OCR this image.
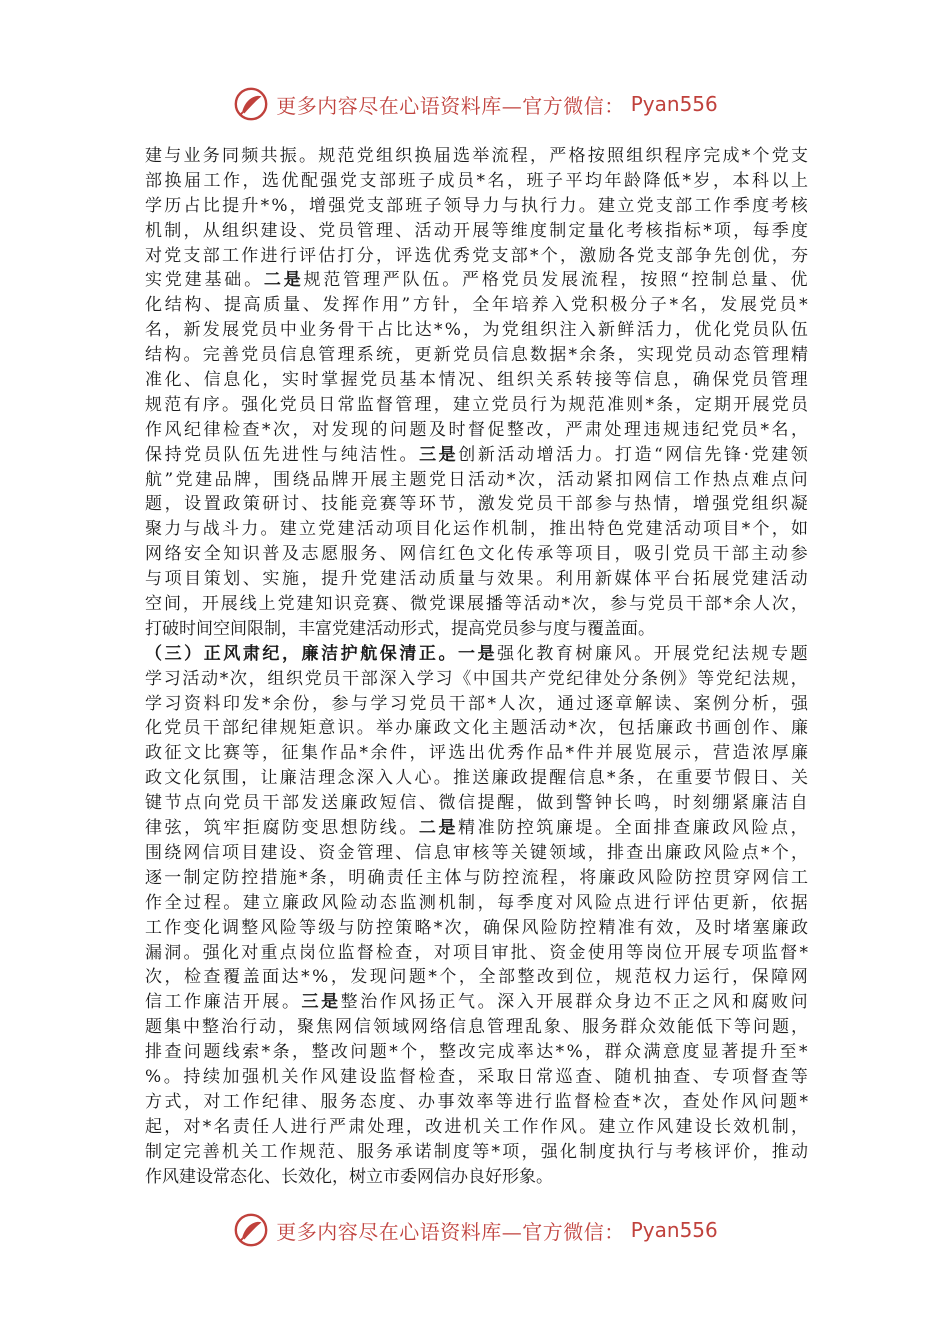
更多内容尽在心语资料库—官方微信： Pyan556
建 与 业 务 同 频 共 振 。 规 范 党 组 织 换 届 选 举 流 程 ， 严 格 按 照 组 织 程 序 完 成 * 个 党 支
部 换 届 工 作 ， 选 优 配 强 党 支 部 班 子 成 员 * 名 ， 班 子 平 均 年 龄 降 低 * 岁 ， 本 科 以 上
学 历 占 比 提 升 * % ， 增 强 党 支 部 班 子 领 导 力 与 执 行 力 。 建 立 党 支 部 工 作 季 度 考 核
机 制 ， 从 组 织 建 设 、 党 员 管 理 、 活 动 开 展 等 维 度 制 定 量 化 考 核 指 标 * 项 ， 每 季 度
对 党 支 部 工 作 进 行 评 估 打 分 ， 评 选 优 秀 党 支 部 * 个 ， 激 励 各 党 支 部 争 先 创 优 ， 夯
实 党 建 基 础 。 二 是 规 范 管 理 严 队 伍 。 严 格 党 员 发 展 流 程 ， 按 照 “ 控 制 总 量 、 优
化 结 构 、 提 高 质 量 、 发 挥 作 用 ” 方 针 ， 全 年 培 养 入 党 积 极 分 子 * 名 ， 发 展 党 员 *
名 ， 新 发 展 党 员 中 业 务 骨 干 占 比 达 * % ， 为 党 组 织 注 入 新 鲜 活 力 ， 优 化 党 员 队 伍
结 构 。 完 善 党 员 信 息 管 理 系 统 ， 更 新 党 员 信 息 数 据 * 余 条 ， 实 现 党 员 动 态 管 理 精
准 化 、 信 息 化 ， 实 时 掌 握 党 员 基 本 情 况 、 组 织 关 系 转 接 等 信 息 ， 确 保 党 员 管 理
规 范 有 序 。 强 化 党 员 日 常 监 督 管 理 ， 建 立 党 员 行 为 规 范 准 则 * 条 ， 定 期 开 展 党 员
作 风 纪 律 检 查 * 次 ， 对 发 现 的 问 题 及 时 督 促 整 改 ， 严 肃 处 理 违 规 违 纪 党 员 * 名 ，
保 持 党 员 队 伍 先 进 性 与 纯 洁 性 。 三 是 创 新 活 动 增 活 力 。 打 造 “ 网 信 先 锋 · 党 建 领
航 ” 党 建 品 牌 ， 围 绕 品 牌 开 展 主 题 党 日 活 动 * 次 ， 活 动 紧 扣 网 信 工 作 热 点 难 点 问
题 ， 设 置 政 策 研 讨 、 技 能 竞 赛 等 环 节 ， 激 发 党 员 干 部 参 与 热 情 ， 增 强 党 组 织 凝
聚 力 与 战 斗 力 。 建 立 党 建 活 动 项 目 化 运 作 机 制 ， 推 出 特 色 党 建 活 动 项 目 * 个 ， 如
网 络 安 全 知 识 普 及 志 愿 服 务 、 网 信 红 色 文 化 传 承 等 项 目 ， 吸 引 党 员 干 部 主 动 参
与 项 目 策 划 、 实 施 ， 提 升 党 建 活 动 质 量 与 效 果 。 利 用 新 媒 体 平 台 拓 展 党 建 活 动
空 间 ， 开 展 线 上 党 建 知 识 竞 赛 、 微 党 课 展 播 等 活 动 * 次 ， 参 与 党 员 干 部 * 余 人 次 ，
打 破 时 间 空 间 限 制 ， 丰 富 党 建 活 动 形 式 ， 提 高 党 员 参 与 度 与 覆 盖 面 。
（ 三 ） 正 风 肃 纪 ， 廉 洁 护 航 保 清 正 。 一 是 强 化 教 育 树 廉 风 。 开 展 党 纪 法 规 专 题
学 习 活 动 * 次 ， 组 织 党 员 干 部 深 入 学 习 《 中 国 共 产 党 纪 律 处 分 条 例 》 等 党 纪 法 规 ，
学 习 资 料 印 发 * 余 份 ， 参 与 学 习 党 员 干 部 * 人 次 ， 通 过 逐 章 解 读 、 案 例 分 析 ， 强
化 党 员 干 部 纪 律 规 矩 意 识 。 举 办 廉 政 文 化 主 题 活 动 * 次 ， 包 括 廉 政 书 画 创 作 、 廉
政 征 文 比 赛 等 ， 征 集 作 品 * 余 件 ， 评 选 出 优 秀 作 品 * 件 并 展 览 展 示 ， 营 造 浓 厚 廉
政 文 化 氛 围 ， 让 廉 洁 理 念 深 入 人 心 。 推 送 廉 政 提 醒 信 息 * 条 ， 在 重 要 节 假 日 、 关
键 节 点 向 党 员 干 部 发 送 廉 政 短 信 、 微 信 提 醒 ， 做 到 警 钟 长 鸣 ， 时 刻 绷 紧 廉 洁 自
律 弦 ， 筑 牢 拒 腐 防 变 思 想 防 线 。 二 是 精 准 防 控 筑 廉 堤 。 全 面 排 查 廉 政 风 险 点 ，
围 绕 网 信 项 目 建 设 、 资 金 管 理 、 信 息 审 核 等 关 键 领 域 ， 排 查 出 廉 政 风 险 点 * 个 ，
逐 一 制 定 防 控 措 施 * 条 ， 明 确 责 任 主 体 与 防 控 流 程 ， 将 廉 政 风 险 防 控 贯 穿 网 信 工
作 全 过 程 。 建 立 廉 政 风 险 动 态 监 测 机 制 ， 每 季 度 对 风 险 点 进 行 评 估 更 新 ， 依 据
工 作 变 化 调 整 风 险 等 级 与 防 控 策 略 * 次 ， 确 保 风 险 防 控 精 准 有 效 ， 及 时 堵 塞 廉 政
漏 洞 。 强 化 对 重 点 岗 位 监 督 检 查 ， 对 项 目 审 批 、 资 金 使 用 等 岗 位 开 展 专 项 监 督 *
次 ， 检 查 覆 盖 面 达 * % ， 发 现 问 题 * 个 ， 全 部 整 改 到 位 ， 规 范 权 力 运 行 ， 保 障 网
信 工 作 廉 洁 开 展 。 三 是 整 治 作 风 扬 正 气 。 深 入 开 展 群 众 身 边 不 正 之 风 和 腐 败 问
题 集 中 整 治 行 动 ， 聚 焦 网 信 领 域 网 络 信 息 管 理 乱 象 、 服 务 群 众 效 能 低 下 等 问 题 ，
排 查 问 题 线 索 * 条 ， 整 改 问 题 * 个 ， 整 改 完 成 率 达 * % ， 群 众 满 意 度 显 著 提 升 至 *
% 。 持 续 加 强 机 关 作 风 建 设 监 督 检 查 ， 采 取 日 常 巡 查 、 随 机 抽 查 、 专 项 督 查 等
方 式 ， 对 工 作 纪 律 、 服 务 态 度 、 办 事 效 率 等 进 行 监 督 检 查 * 次 ， 查 处 作 风 问 题 *
起 ， 对 * 名 责 任 人 进 行 严 肃 处 理 ， 改 进 机 关 工 作 作 风 。 建 立 作 风 建 设 长 效 机 制 ，
制 定 完 善 机 关 工 作 规 范 、 服 务 承 诺 制 度 等 * 项 ， 强 化 制 度 执 行 与 考 核 评 价 ， 推 动
作 风 建 设 常 态 化 、 长 效 化 ， 树 立 市 委 网 信 办 良 好 形 象 。
更多内容尽在心语资料库—官方微信： Pyan556
